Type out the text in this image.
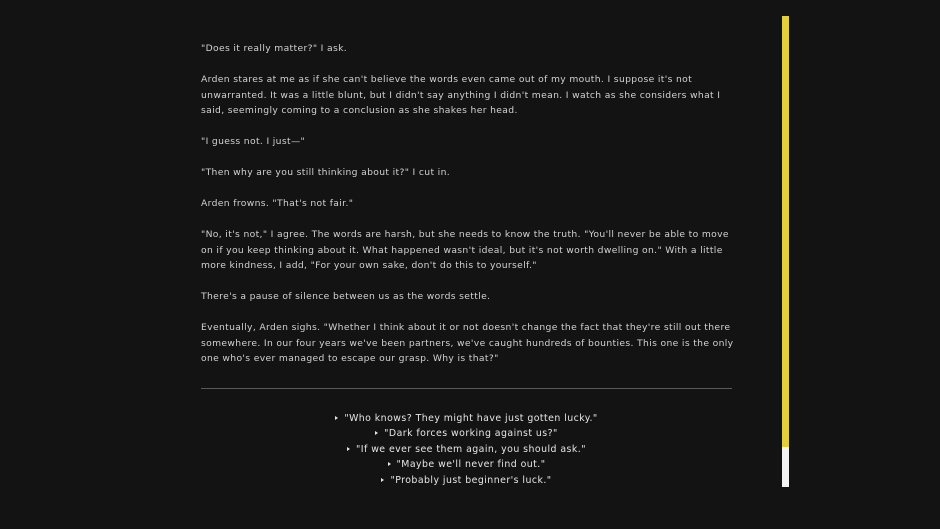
"Does it really matter?" I ask.

Arden stares at me as if she can't believe the words even came out of my mouth. I suppose it's not unwarranted. It was a little blunt, but I didn't say anything I didn't mean. I watch as she considers what I said, seemingly coming to a conclusion as she shakes her head.

"I guess not. I just—"

"Then why are you still thinking about it?" I cut in.

Arden frowns. "That's not fair."

"No, it's not," I agree. The words are harsh, but she needs to know the truth. "You'll never be able to move on if you keep thinking about it. What happened wasn't ideal, but it's not worth dwelling on." With a little more kindness, I add, "For your own sake, don't do this to yourself."

There's a pause of silence between us as the words settle.

Eventually, Arden sighs. "Whether I think about it or not doesn't change the fact that they're still out there somewhere. In our four years we've been partners, we've caught hundreds of bounties. This one is the only one who's ever managed to escape our grasp. Why is that?"

"Who knows? They might have just gotten lucky."
"Dark forces working against us?"
"If we ever see them again, you should ask."
"Maybe we'll never find out."
"Probably just beginner's luck."
